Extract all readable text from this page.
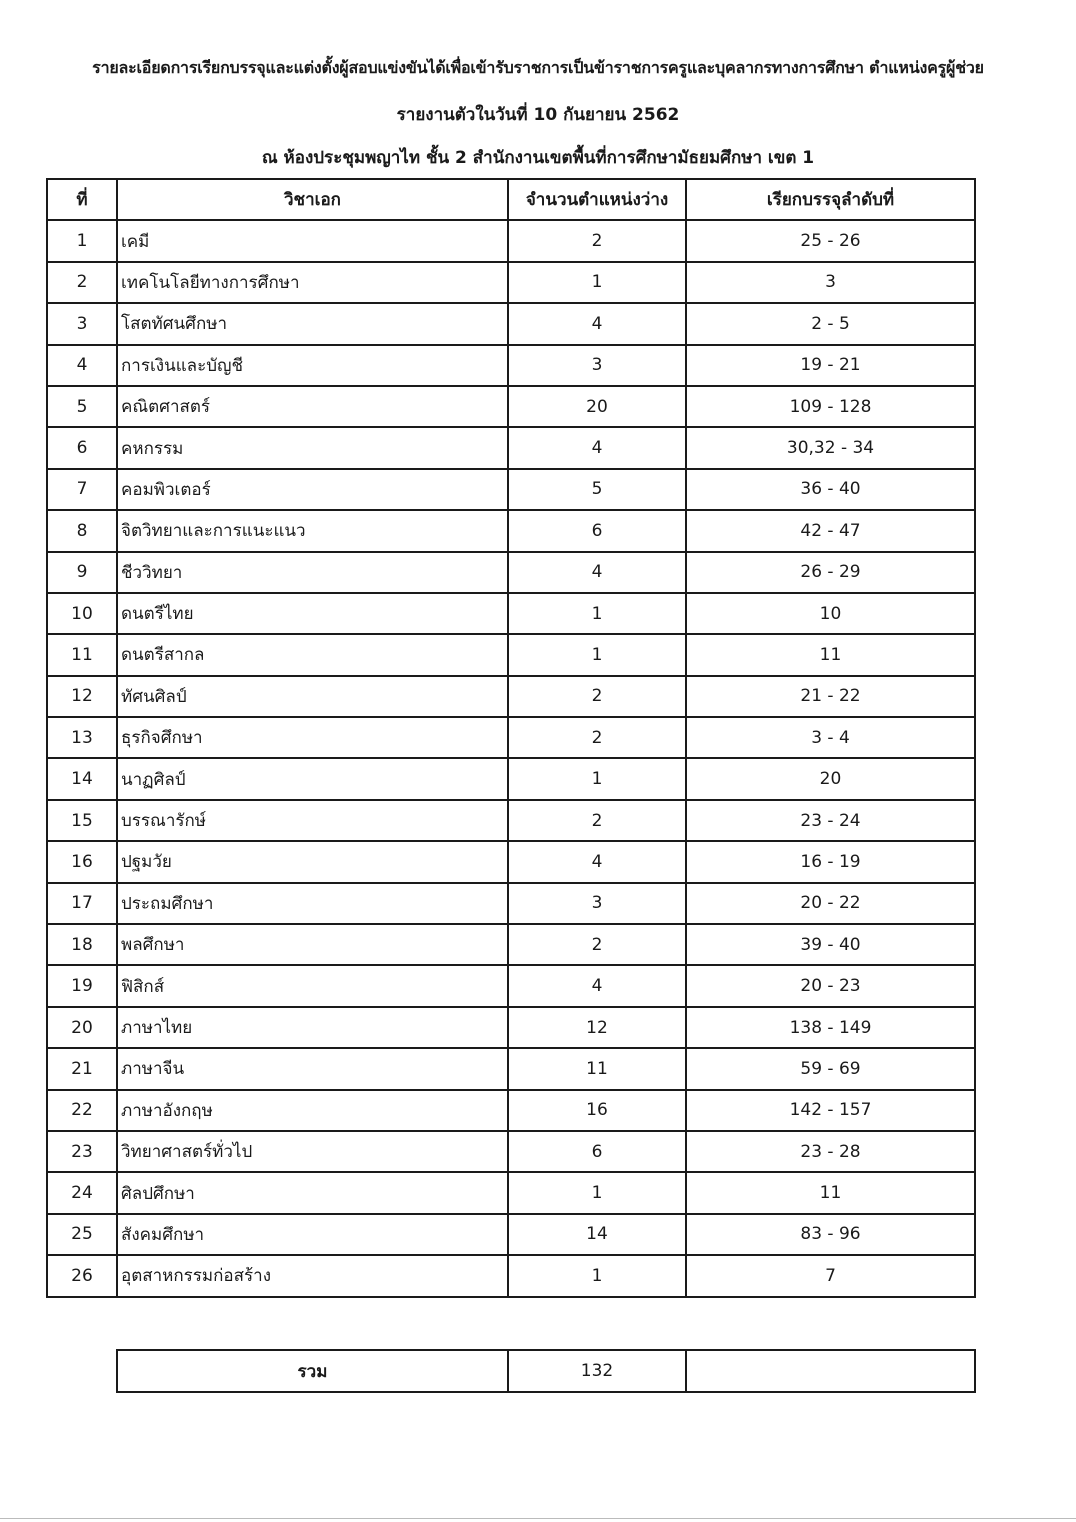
รายละเอียดการเรียกบรรจุและแต่งตั้งผู้สอบแข่งขันได้เพื่อเข้ารับราชการเป็นข้าราชการครูและบุคลากรทางการศึกษา ตำแหน่งครูผู้ช่วย
รายงานตัวในวันที่ 10 กันยายน 2562
ณ ห้องประชุมพญาไท ชั้น 2 สำนักงานเขตพื้นที่การศึกษามัธยมศึกษา เขต 1
ที่	วิชาเอก	จำนวนตำแหน่งว่าง	เรียกบรรจุลำดับที่
1	เคมี	2	25 - 26
2	เทคโนโลยีทางการศึกษา	1	3
3	โสตทัศนศึกษา	4	2 - 5
4	การเงินและบัญชี	3	19 - 21
5	คณิตศาสตร์	20	109 - 128
6	คหกรรม	4	30,32 - 34
7	คอมพิวเตอร์	5	36 - 40
8	จิตวิทยาและการแนะแนว	6	42 - 47
9	ชีววิทยา	4	26 - 29
10	ดนตรีไทย	1	10
11	ดนตรีสากล	1	11
12	ทัศนศิลป์	2	21 - 22
13	ธุรกิจศึกษา	2	3 - 4
14	นาฏศิลป์	1	20
15	บรรณารักษ์	2	23 - 24
16	ปฐมวัย	4	16 - 19
17	ประถมศึกษา	3	20 - 22
18	พลศึกษา	2	39 - 40
19	ฟิสิกส์	4	20 - 23
20	ภาษาไทย	12	138 - 149
21	ภาษาจีน	11	59 - 69
22	ภาษาอังกฤษ	16	142 - 157
23	วิทยาศาสตร์ทั่วไป	6	23 - 28
24	ศิลปศึกษา	1	11
25	สังคมศึกษา	14	83 - 96
26	อุตสาหกรรมก่อสร้าง	1	7
รวม	132	
